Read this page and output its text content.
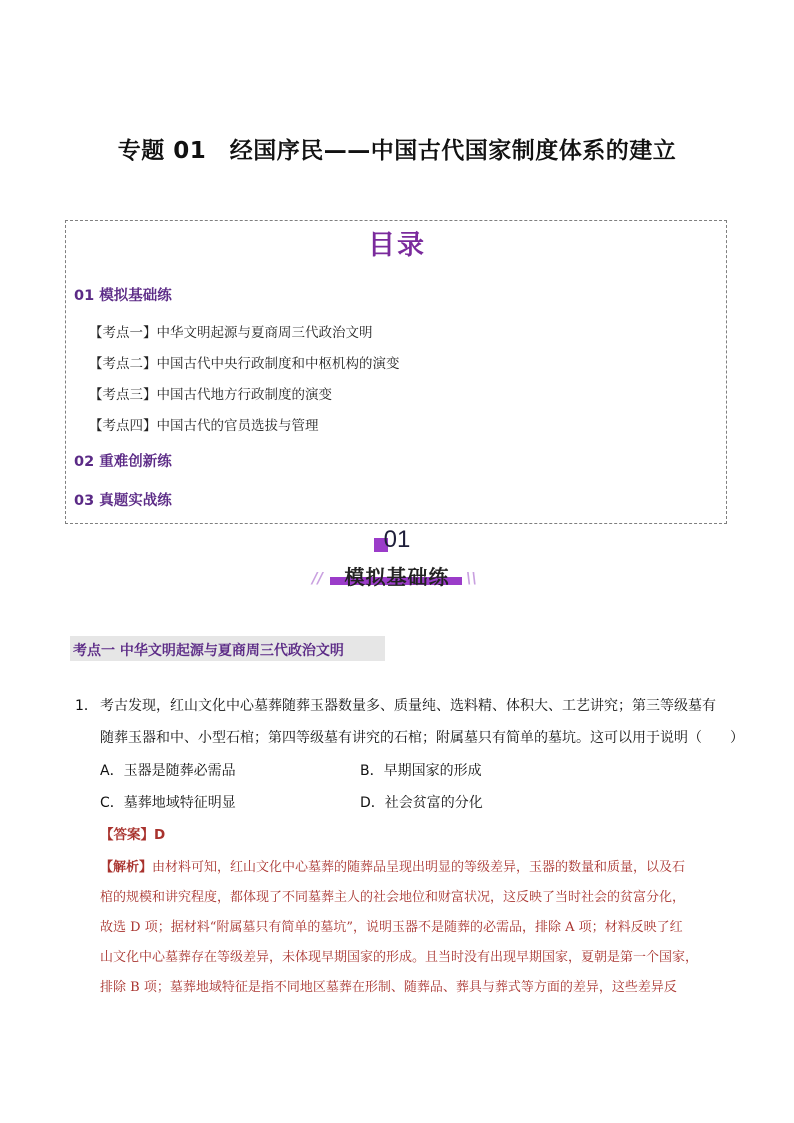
专题 01　经国序民——中国古代国家制度体系的建立
目录
01 模拟基础练
【考点一】中华文明起源与夏商周三代政治文明
【考点二】中国古代中央行政制度和中枢机构的演变
【考点三】中国古代地方行政制度的演变
【考点四】中国古代的官员选拔与管理
02 重难创新练
03 真题实战练
01
模拟基础练
//	\\
考点一 中华文明起源与夏商周三代政治文明
1． 考古发现，红山文化中心墓葬随葬玉器数量多、质量纯、选料精、体积大、工艺讲究；第三等级墓有
随葬玉器和中、小型石棺；第四等级墓有讲究的石棺；附属墓只有简单的墓坑。这可以用于说明（　　）
A．玉器是随葬必需品	B．早期国家的形成
C．墓葬地域特征明显	D．社会贫富的分化
【答案】D
【解析】由材料可知，红山文化中心墓葬的随葬品呈现出明显的等级差异，玉器的数量和质量，以及石
棺的规模和讲究程度，都体现了不同墓葬主人的社会地位和财富状况，这反映了当时社会的贫富分化，
故选 D 项；据材料“附属墓只有简单的墓坑”，说明玉器不是随葬的必需品，排除 A 项；材料反映了红
山文化中心墓葬存在等级差异，未体现早期国家的形成。且当时没有出现早期国家，夏朝是第一个国家，
排除 B 项；墓葬地域特征是指不同地区墓葬在形制、随葬品、葬具与葬式等方面的差异，这些差异反
